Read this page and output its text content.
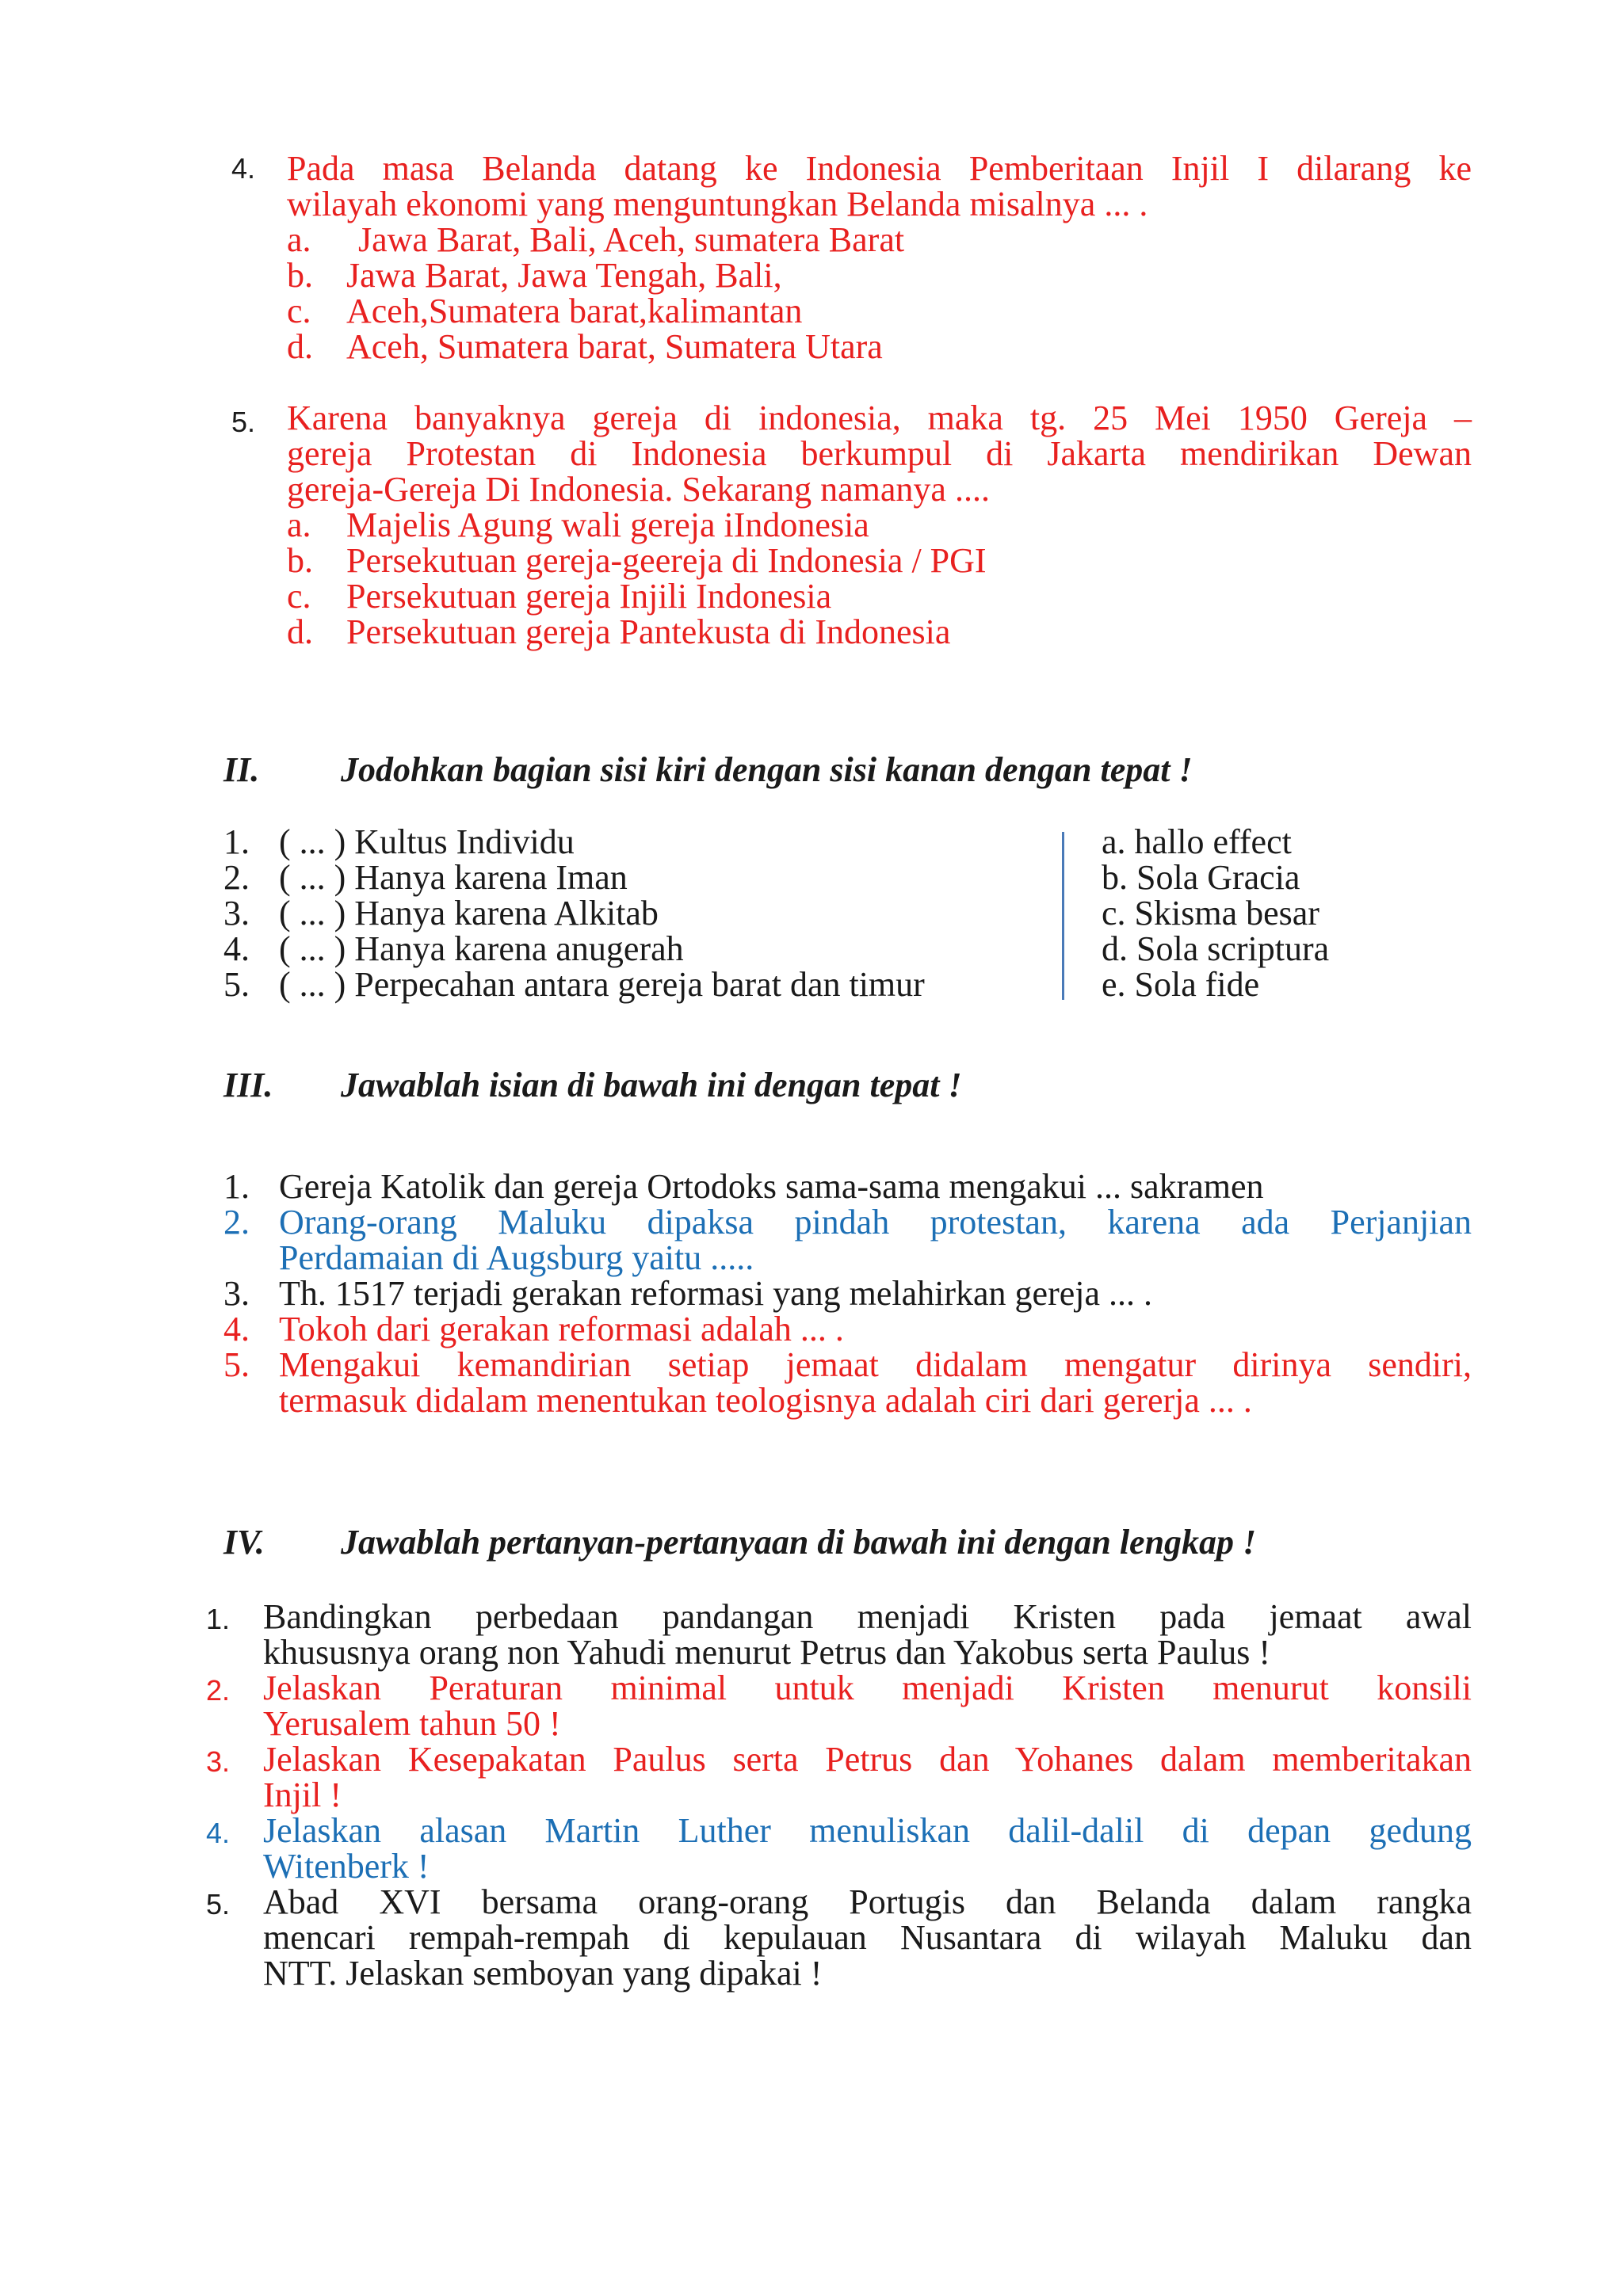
4. Pada masa Belanda datang ke Indonesia Pemberitaan Injil I dilarang ke
wilayah ekonomi yang menguntungkan Belanda misalnya ... .
a. Jawa Barat, Bali, Aceh, sumatera Barat
b. Jawa Barat, Jawa Tengah, Bali,
c. Aceh,Sumatera barat,kalimantan
d. Aceh, Sumatera barat, Sumatera Utara
5. Karena banyaknya gereja di indonesia, maka tg. 25 Mei 1950 Gereja –
gereja Protestan di Indonesia berkumpul di Jakarta mendirikan Dewan
gereja-Gereja Di Indonesia. Sekarang namanya ....
a. Majelis Agung wali gereja iIndonesia
b. Persekutuan gereja-geereja di Indonesia / PGI
c. Persekutuan gereja Injili Indonesia
d. Persekutuan gereja Pantekusta di Indonesia
II. Jodohkan bagian sisi kiri dengan sisi kanan dengan tepat !
1. ( ... ) Kultus Individu
2. ( ... ) Hanya karena Iman
3. ( ... ) Hanya karena Alkitab
4. ( ... ) Hanya karena anugerah
5. ( ... ) Perpecahan antara gereja barat dan timur
a. hallo effect
b. Sola Gracia
c. Skisma besar
d. Sola scriptura
e. Sola fide
III. Jawablah isian di bawah ini dengan tepat !
1. Gereja Katolik dan gereja Ortodoks sama-sama mengakui ... sakramen
2. Orang-orang Maluku dipaksa pindah protestan, karena ada Perjanjian
Perdamaian di Augsburg yaitu .....
3. Th. 1517 terjadi gerakan reformasi yang melahirkan gereja ... .
4. Tokoh dari gerakan reformasi adalah ... .
5. Mengakui kemandirian setiap jemaat didalam mengatur dirinya sendiri,
termasuk didalam menentukan teologisnya adalah ciri dari gererja ... .
IV. Jawablah pertanyan-pertanyaan di bawah ini dengan lengkap !
1. Bandingkan perbedaan pandangan menjadi Kristen pada jemaat awal
khususnya orang non Yahudi menurut Petrus dan Yakobus serta Paulus !
2. Jelaskan Peraturan minimal untuk menjadi Kristen menurut konsili
Yerusalem tahun 50 !
3. Jelaskan Kesepakatan Paulus serta Petrus dan Yohanes dalam memberitakan
Injil !
4. Jelaskan alasan Martin Luther menuliskan dalil-dalil di depan gedung
Witenberk !
5. Abad XVI bersama orang-orang Portugis dan Belanda dalam rangka
mencari rempah-rempah di kepulauan Nusantara di wilayah Maluku dan
NTT. Jelaskan semboyan yang dipakai !
